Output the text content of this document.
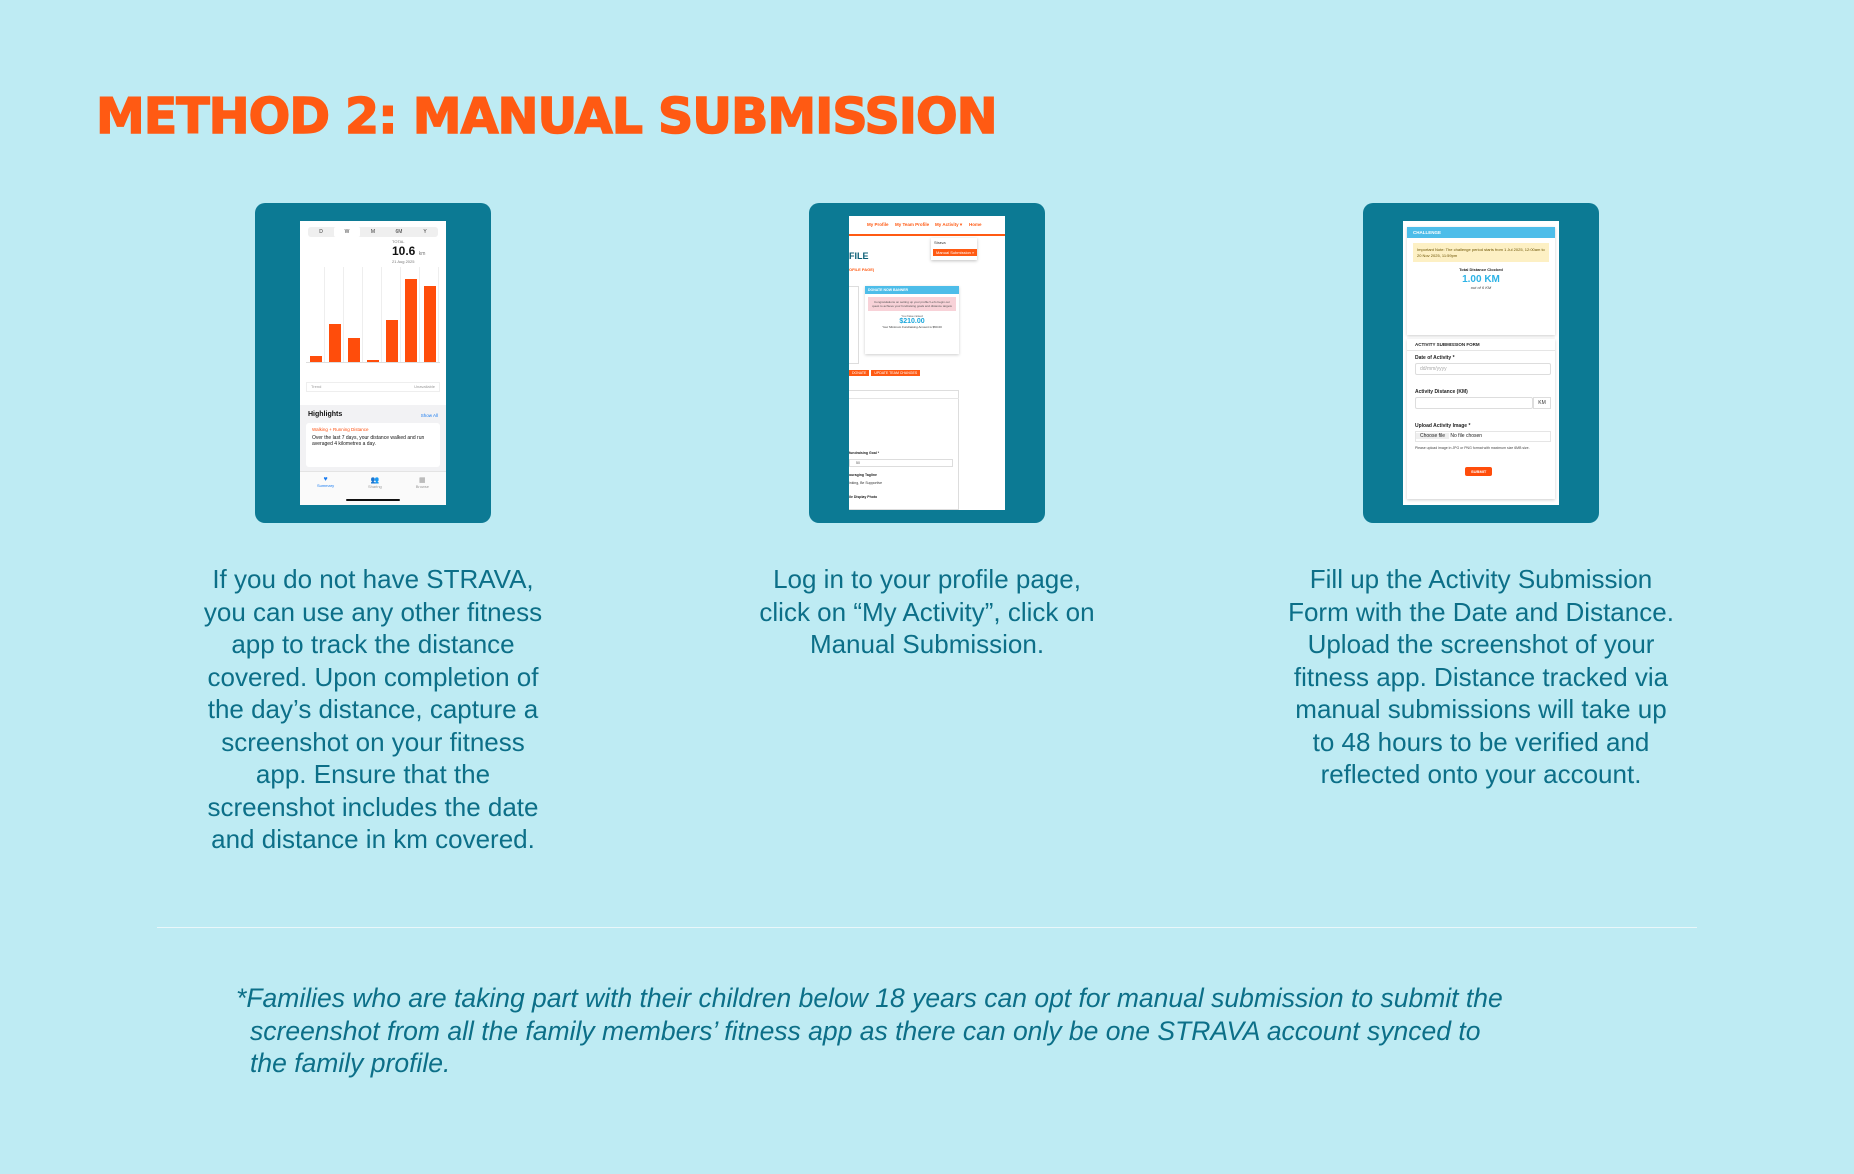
METHOD 2: MANUAL SUBMISSION
D	W	M	6M	Y
TOTAL
10.6 km
21 Aug 2025
Trend	Unavailable
Highlights	Show All
Walking + Running Distance
Over the last 7 days, your distance walked and run averaged 4 kilometres a day.
♥
Summary
👥
Sharing
▦
Browse
If you do not have STRAVA,
you can use any other fitness
app to track the distance
covered. Upon completion of
the day’s distance, capture a
screenshot on your fitness
app. Ensure that the
screenshot includes the date
and distance in km covered.
My Profile My Team Profile My Activity ▾ Home
Strava
Manual Submission »
FILE
OFILE PAGE)
DONATE NOW BANNER
Congratulations on setting up your profile! Let's begin our quest to achieve your fundraising goals and distance targets
You have raised
$210.00
Your Minimum Fundraising Amount is $50.00
DONATE	UPDATE TEAM CHANGES
fundraising Goal *
50
ouraging Tagline
inking, Be Supportive
ile Display Photo
Log in to your profile page,
click on “My Activity”, click on
Manual Submission.
CHALLENGE
Important Note: The challenge period starts from 1 Jul 2025, 12:00am to 20 Nov 2025, 11:59pm
Total Distance Clocked
1.00 KM
out of 6 KM
ACTIVITY SUBMISSION FORM
Date of Activity *
dd/mm/yyyy
Activity Distance (KM)
KM
Upload Activity Image *
Choose file No file chosen
Please upload image in JPG or PNG format with maximum size 6MB size.
SUBMIT
Fill up the Activity Submission
Form with the Date and Distance.
Upload the screenshot of your
fitness app. Distance tracked via
manual submissions will take up
to 48 hours to be verified and
reflected onto your account.
*Families who are taking part with their children below 18 years can opt for manual submission to submit the
screenshot from all the family members’ fitness app as there can only be one STRAVA account synced to
the family profile.
